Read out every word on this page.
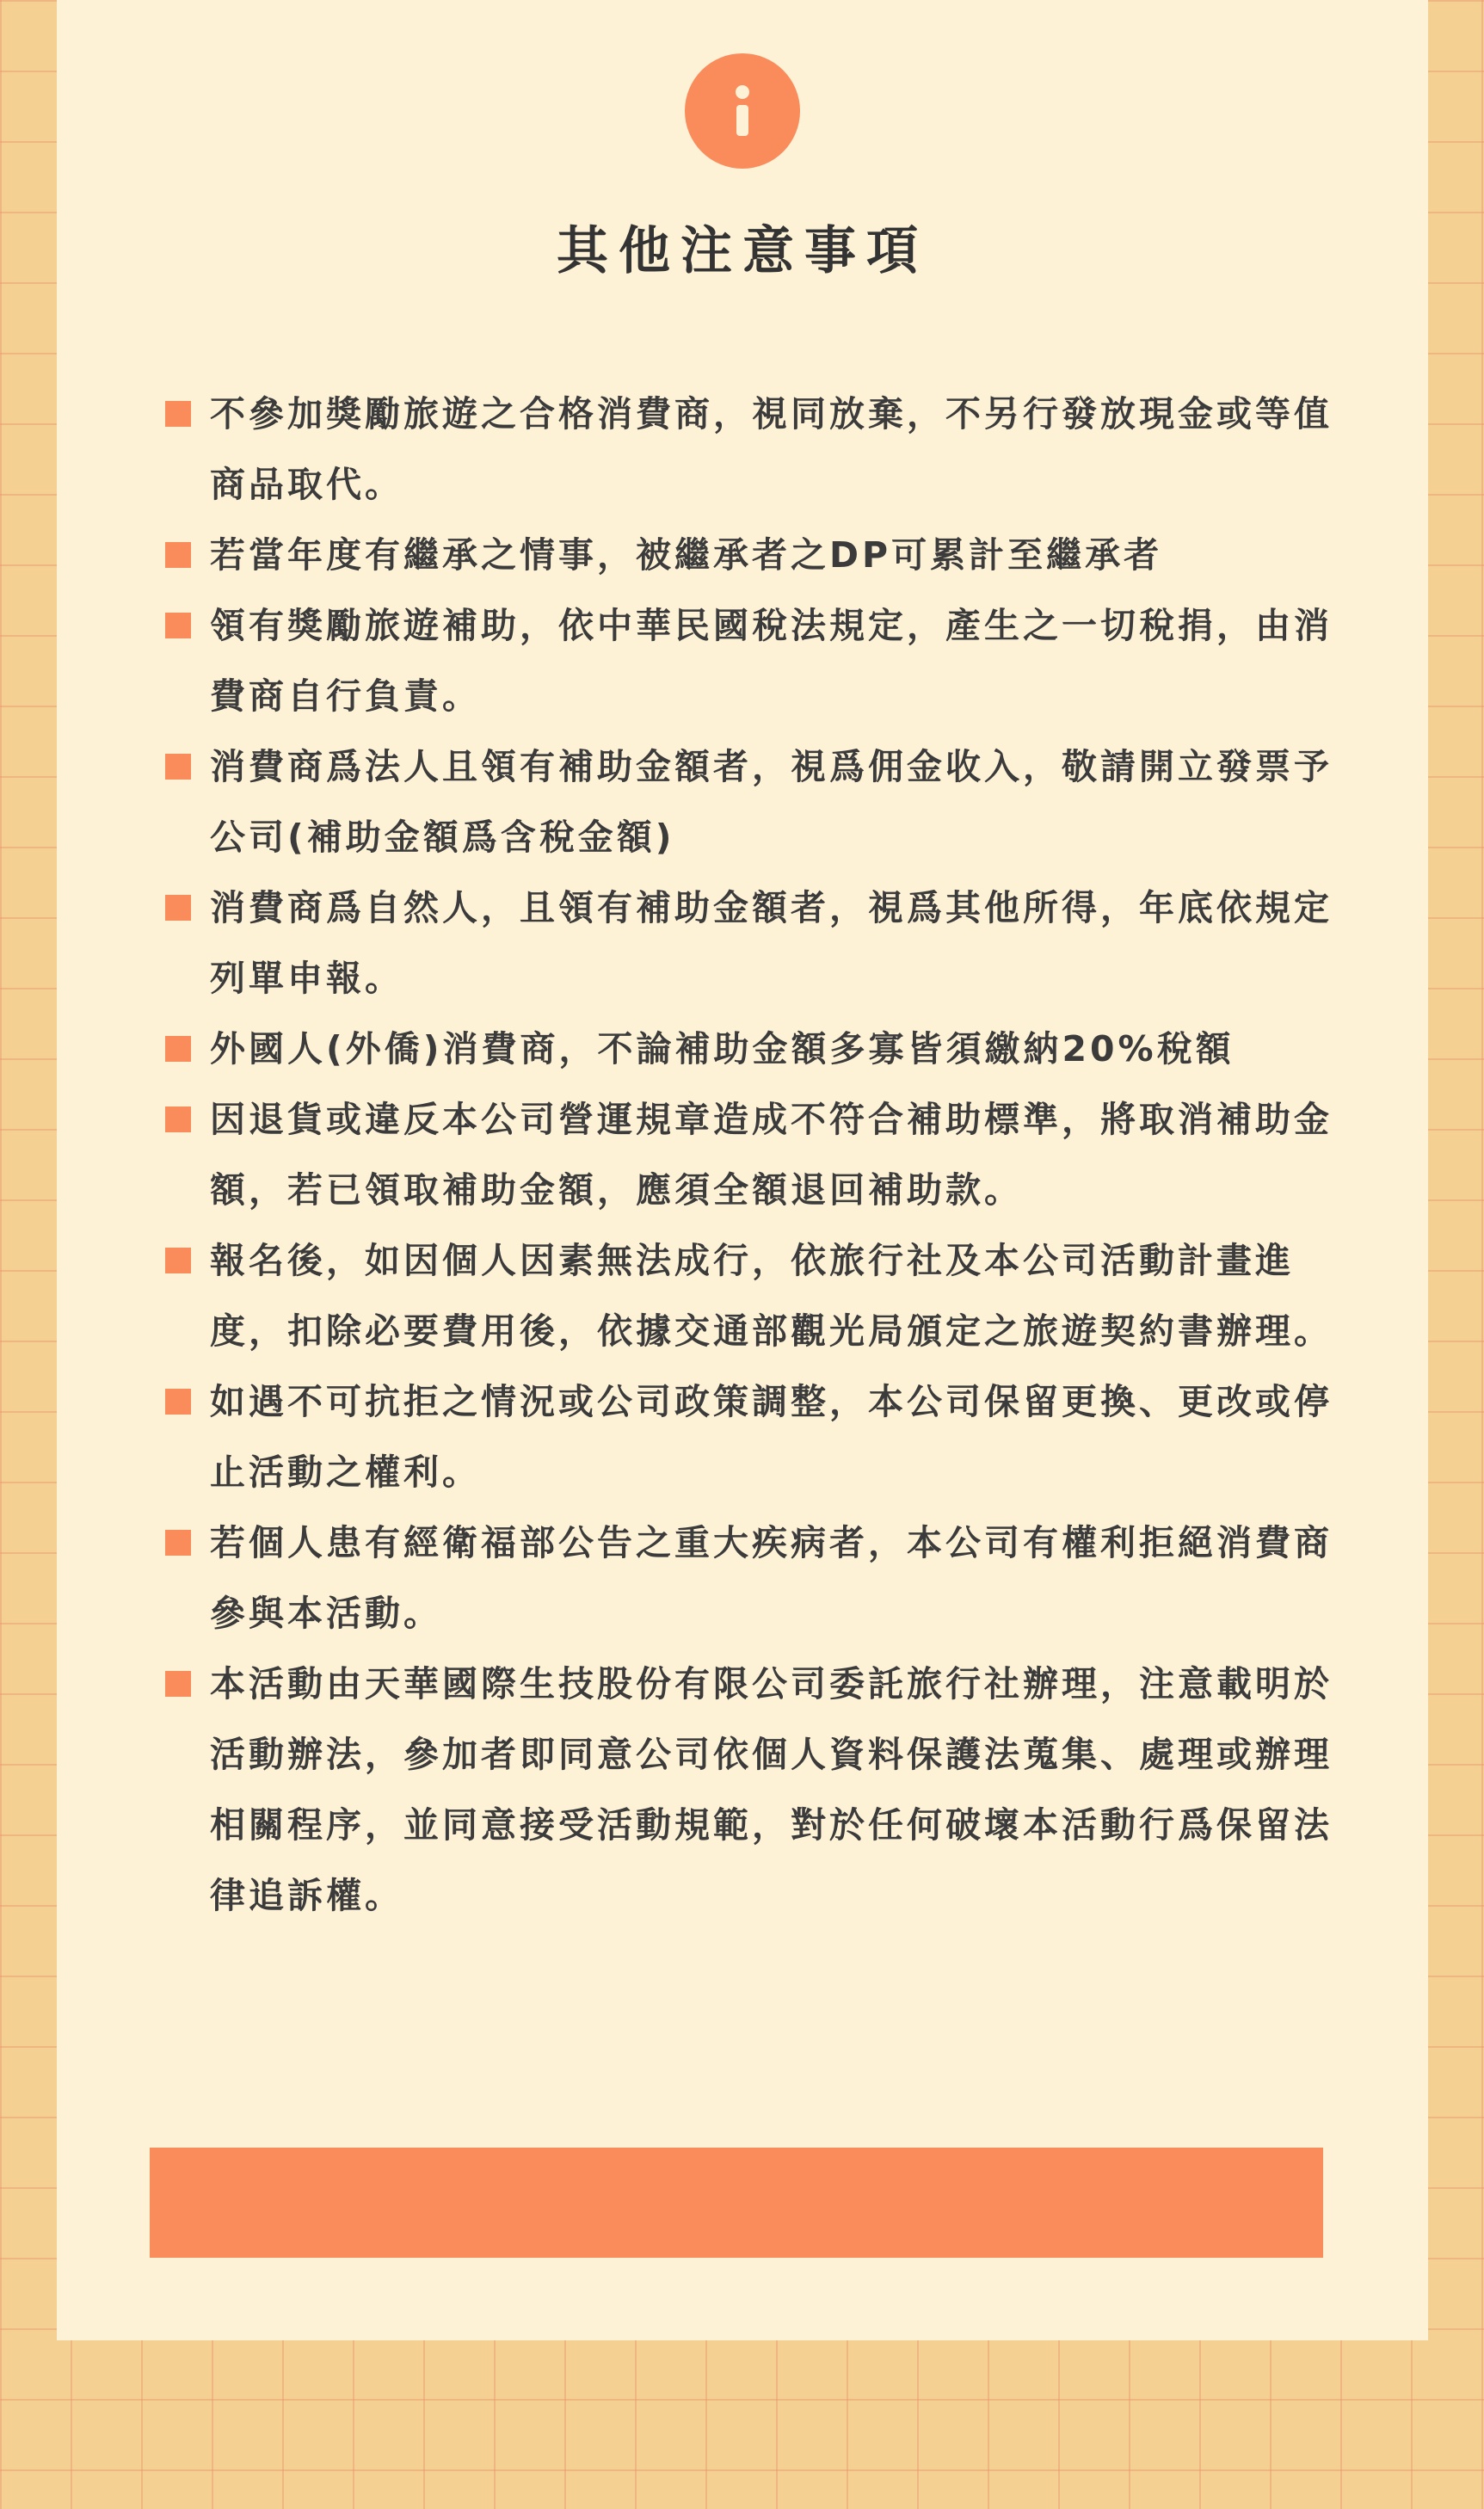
其他注意事項
不參加獎勵旅遊之合格消費商，視同放棄，不另行發放現金或等值商品取代。
若當年度有繼承之情事，被繼承者之DP可累計至繼承者
領有獎勵旅遊補助，依中華民國稅法規定，產生之一切稅捐，由消費商自行負責。
消費商爲法人且領有補助金額者，視爲佣金收入，敬請開立發票予公司(補助金額爲含稅金額)
消費商爲自然人，且領有補助金額者，視爲其他所得，年底依規定列單申報。
外國人(外僑)消費商，不論補助金額多寡皆須繳納20%稅額
因退貨或違反本公司營運規章造成不符合補助標準，將取消補助金額，若已領取補助金額，應須全額退回補助款。
報名後，如因個人因素無法成行，依旅行社及本公司活動計畫進度，扣除必要費用後，依據交通部觀光局頒定之旅遊契約書辦理。
如遇不可抗拒之情況或公司政策調整，本公司保留更換、更改或停止活動之權利。
若個人患有經衛福部公告之重大疾病者，本公司有權利拒絕消費商參與本活動。
本活動由天華國際生技股份有限公司委託旅行社辦理，注意載明於活動辦法，參加者即同意公司依個人資料保護法蒐集、處理或辦理相關程序，並同意接受活動規範，對於任何破壞本活動行爲保留法律追訴權。
